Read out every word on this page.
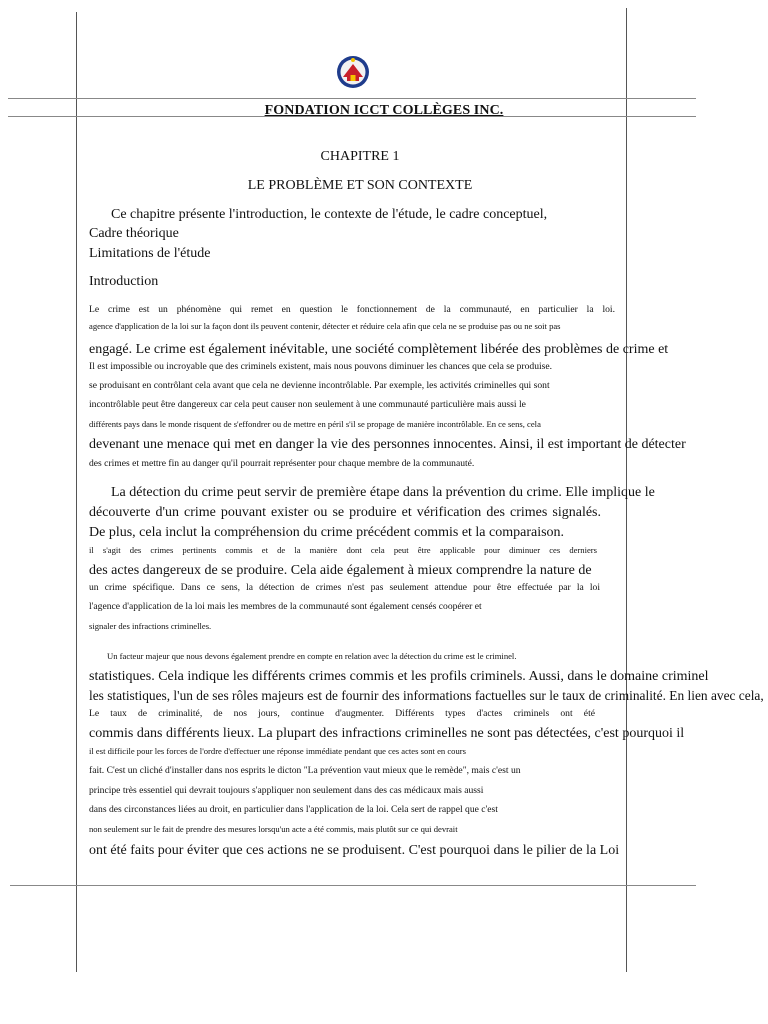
FONDATION ICCT COLLÈGES INC.
CHAPITRE 1
LE PROBLÈME ET SON CONTEXTE
Ce chapitre présente l'introduction, le contexte de l'étude, le cadre conceptuel,
Cadre théorique
Limitations de l'étude
Introduction
Le crime est un phénomène qui remet en question le fonctionnement de la communauté, en particulier la loi.
agence d'application de la loi sur la façon dont ils peuvent contenir, détecter et réduire cela afin que cela ne se produise pas ou ne soit pas
engagé. Le crime est également inévitable, une société complètement libérée des problèmes de crime et
Il est impossible ou incroyable que des criminels existent, mais nous pouvons diminuer les chances que cela se produise.
se produisant en contrôlant cela avant que cela ne devienne incontrôlable. Par exemple, les activités criminelles qui sont
incontrôlable peut être dangereux car cela peut causer non seulement à une communauté particulière mais aussi le
différents pays dans le monde risquent de s'effondrer ou de mettre en péril s'il se propage de manière incontrôlable. En ce sens, cela
devenant une menace qui met en danger la vie des personnes innocentes. Ainsi, il est important de détecter
des crimes et mettre fin au danger qu'il pourrait représenter pour chaque membre de la communauté.
La détection du crime peut servir de première étape dans la prévention du crime. Elle implique le
découverte d'un crime pouvant exister ou se produire et vérification des crimes signalés.
De plus, cela inclut la compréhension du crime précédent commis et la comparaison.
il s'agit des crimes pertinents commis et de la manière dont cela peut être applicable pour diminuer ces derniers
des actes dangereux de se produire. Cela aide également à mieux comprendre la nature de
un crime spécifique. Dans ce sens, la détection de crimes n'est pas seulement attendue pour être effectuée par la loi
l'agence d'application de la loi mais les membres de la communauté sont également censés coopérer et
signaler des infractions criminelles.
Un facteur majeur que nous devons également prendre en compte en relation avec la détection du crime est le criminel.
statistiques. Cela indique les différents crimes commis et les profils criminels. Aussi, dans le domaine criminel
les statistiques, l'un de ses rôles majeurs est de fournir des informations factuelles sur le taux de criminalité. En lien avec cela,
Le taux de criminalité, de nos jours, continue d'augmenter. Différents types d'actes criminels ont été
commis dans différents lieux. La plupart des infractions criminelles ne sont pas détectées, c'est pourquoi il
il est difficile pour les forces de l'ordre d'effectuer une réponse immédiate pendant que ces actes sont en cours
fait. C'est un cliché d'installer dans nos esprits le dicton "La prévention vaut mieux que le remède", mais c'est un
principe très essentiel qui devrait toujours s'appliquer non seulement dans des cas médicaux mais aussi
dans des circonstances liées au droit, en particulier dans l'application de la loi. Cela sert de rappel que c'est
non seulement sur le fait de prendre des mesures lorsqu'un acte a été commis, mais plutôt sur ce qui devrait
ont été faits pour éviter que ces actions ne se produisent. C'est pourquoi dans le pilier de la Loi
